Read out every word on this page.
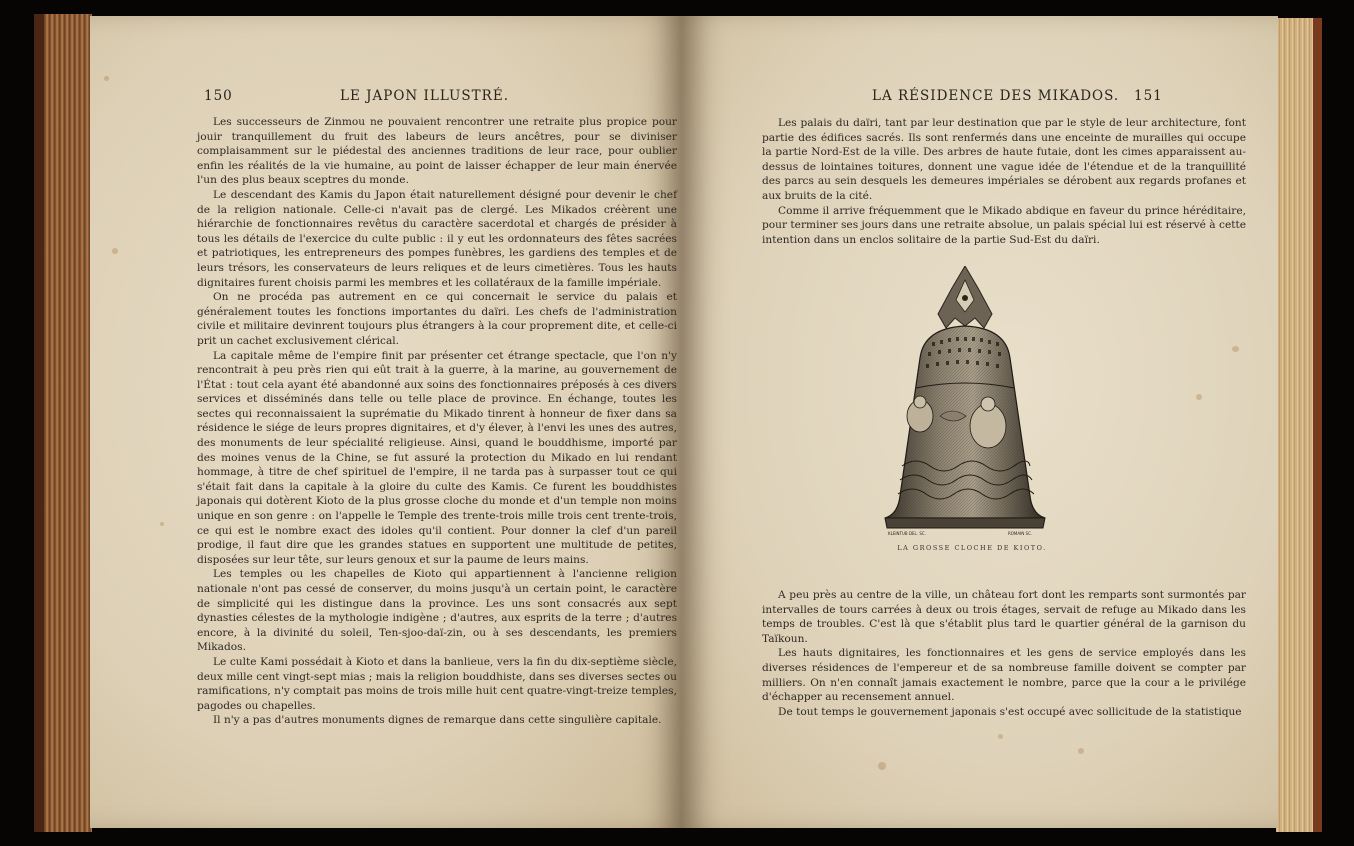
150	LE JAPON ILLUSTRÉ.

Les successeurs de Zinmou ne pouvaient rencontrer une retraite plus propice pour jouir tranquillement du fruit des labeurs de leurs ancêtres, pour se diviniser complaisamment sur le piédestal des anciennes traditions de leur race, pour oublier enfin les réalités de la vie humaine, au point de laisser échapper de leur main énervée l'un des plus beaux sceptres du monde.

Le descendant des Kamis du Japon était naturellement désigné pour devenir le chef de la religion nationale. Celle-ci n'avait pas de clergé. Les Mikados créèrent une hiérarchie de fonctionnaires revêtus du caractère sacerdotal et chargés de présider à tous les détails de l'exercice du culte public : il y eut les ordonnateurs des fêtes sacrées et patriotiques, les entrepreneurs des pompes funèbres, les gardiens des temples et de leurs trésors, les conservateurs de leurs reliques et de leurs cimetières. Tous les hauts dignitaires furent choisis parmi les membres et les collatéraux de la famille impériale.

On ne procéda pas autrement en ce qui concernait le service du palais et généralement toutes les fonctions importantes du daïri. Les chefs de l'administration civile et militaire devinrent toujours plus étrangers à la cour proprement dite, et celle-ci prit un cachet exclusivement clérical.

La capitale même de l'empire finit par présenter cet étrange spectacle, que l'on n'y rencontrait à peu près rien qui eût trait à la guerre, à la marine, au gouvernement de l'État : tout cela ayant été abandonné aux soins des fonctionnaires préposés à ces divers services et disséminés dans telle ou telle place de province. En échange, toutes les sectes qui reconnaissaient la suprématie du Mikado tinrent à honneur de fixer dans sa résidence le siége de leurs propres dignitaires, et d'y élever, à l'envi les unes des autres, des monuments de leur spécialité religieuse. Ainsi, quand le bouddhisme, importé par des moines venus de la Chine, se fut assuré la protection du Mikado en lui rendant hommage, à titre de chef spirituel de l'empire, il ne tarda pas à surpasser tout ce qui s'était fait dans la capitale à la gloire du culte des Kamis. Ce furent les bouddhistes japonais qui dotèrent Kioto de la plus grosse cloche du monde et d'un temple non moins unique en son genre : on l'appelle le Temple des trente-trois mille trois cent trente-trois, ce qui est le nombre exact des idoles qu'il contient. Pour donner la clef d'un pareil prodige, il faut dire que les grandes statues en supportent une multitude de petites, disposées sur leur tête, sur leurs genoux et sur la paume de leurs mains.

Les temples ou les chapelles de Kioto qui appartiennent à l'ancienne religion nationale n'ont pas cessé de conserver, du moins jusqu'à un certain point, le caractère de simplicité qui les distingue dans la province. Les uns sont consacrés aux sept dynasties célestes de la mythologie indigène ; d'autres, aux esprits de la terre ; d'autres encore, à la divinité du soleil, Ten-sjoo-daï-zin, ou à ses descendants, les premiers Mikados.

Le culte Kami possédait à Kioto et dans la banlieue, vers la fin du dix-septième siècle, deux mille cent vingt-sept mias ; mais la religion bouddhiste, dans ses diverses sectes ou ramifications, n'y comptait pas moins de trois mille huit cent quatre-vingt-treize temples, pagodes ou chapelles.

Il n'y a pas d'autres monuments dignes de remarque dans cette singulière capitale.

LA RÉSIDENCE DES MIKADOS. 151

Les palais du daïri, tant par leur destination que par le style de leur architecture, font partie des édifices sacrés. Ils sont renfermés dans une enceinte de murailles qui occupe la partie Nord-Est de la ville. Des arbres de haute futaie, dont les cimes apparaissent au-dessus de lointaines toitures, donnent une vague idée de l'étendue et de la tranquillité des parcs au sein desquels les demeures impériales se dérobent aux regards profanes et aux bruits de la cité.

Comme il arrive fréquemment que le Mikado abdique en faveur du prince héréditaire, pour terminer ses jours dans une retraite absolue, un palais spécial lui est réservé à cette intention dans un enclos solitaire de la partie Sud-Est du daïri.

KLEINTUB DEL. SC.	ROMAIN SC.
LA GROSSE CLOCHE DE KIOTO.

A peu près au centre de la ville, un château fort dont les remparts sont surmontés par intervalles de tours carrées à deux ou trois étages, servait de refuge au Mikado dans les temps de troubles. C'est là que s'établit plus tard le quartier général de la garnison du Taïkoun.

Les hauts dignitaires, les fonctionnaires et les gens de service employés dans les diverses résidences de l'empereur et de sa nombreuse famille doivent se compter par milliers. On n'en connaît jamais exactement le nombre, parce que la cour a le privilége d'échapper au recensement annuel.

De tout temps le gouvernement japonais s'est occupé avec sollicitude de la statistique
